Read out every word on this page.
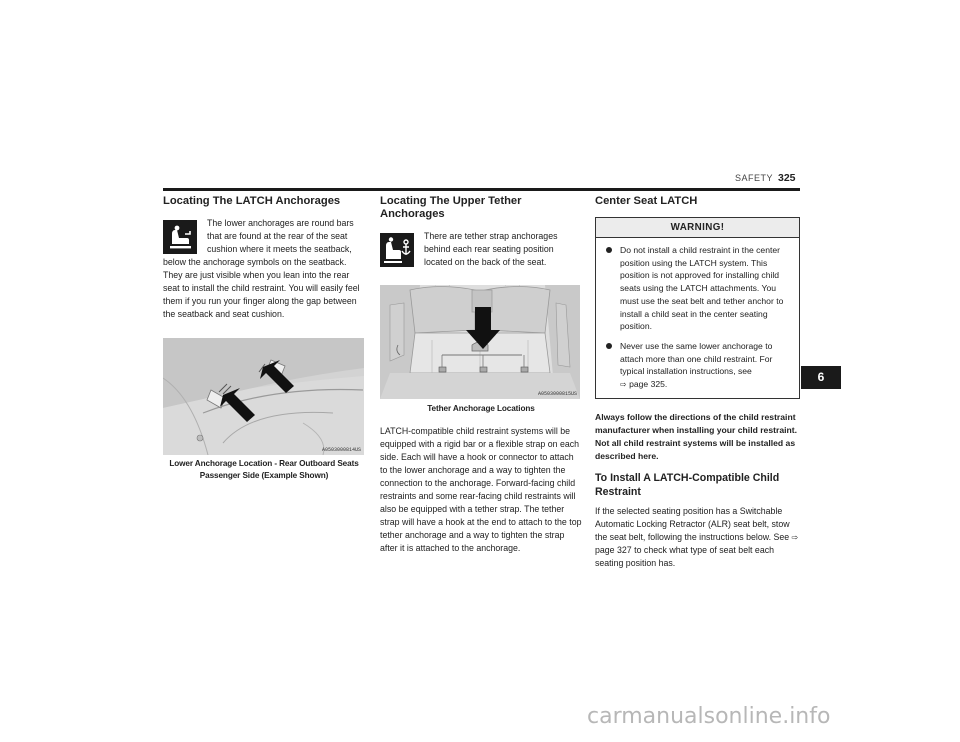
SAFETY 325
Locating The LATCH Anchorages

The lower anchorages are round bars that are found at the rear of the seat cushion where it meets the seatback, below the anchorage symbols on the seatback. They are just visible when you lean into the rear seat to install the child restraint. You will easily feel them if you run your finger along the gap between the seatback and seat cushion.

A0503000814US
Lower Anchorage Location - Rear Outboard Seats
Passenger Side (Example Shown)
Locating The Upper Tether Anchorages

There are tether strap anchorages behind each rear seating position located on the back of the seat.

A0503000815US
Tether Anchorage Locations

LATCH-compatible child restraint systems will be equipped with a rigid bar or a flexible strap on each side. Each will have a hook or connector to attach to the lower anchorage and a way to tighten the connection to the anchorage. Forward-facing child restraints and some rear-facing child restraints will also be equipped with a tether strap. The tether strap will have a hook at the end to attach to the top tether anchorage and a way to tighten the strap after it is attached to the anchorage.

Center Seat LATCH
WARNING!
Do not install a child restraint in the center position using the LATCH system. This position is not approved for installing child seats using the LATCH attachments. You must use the seat belt and tether anchor to install a child seat in the center seating position.
Never use the same lower anchorage to attach more than one child restraint. For typical installation instructions, see
⇨ page 325.

Always follow the directions of the child restraint manufacturer when installing your child restraint. Not all child restraint systems will be installed as described here.

To Install A LATCH-Compatible Child Restraint

If the selected seating position has a Switchable Automatic Locking Retractor (ALR) seat belt, stow the seat belt, following the instructions below. See ⇨ page 327 to check what type of seat belt each seating position has.

6
carmanualsonline.info
